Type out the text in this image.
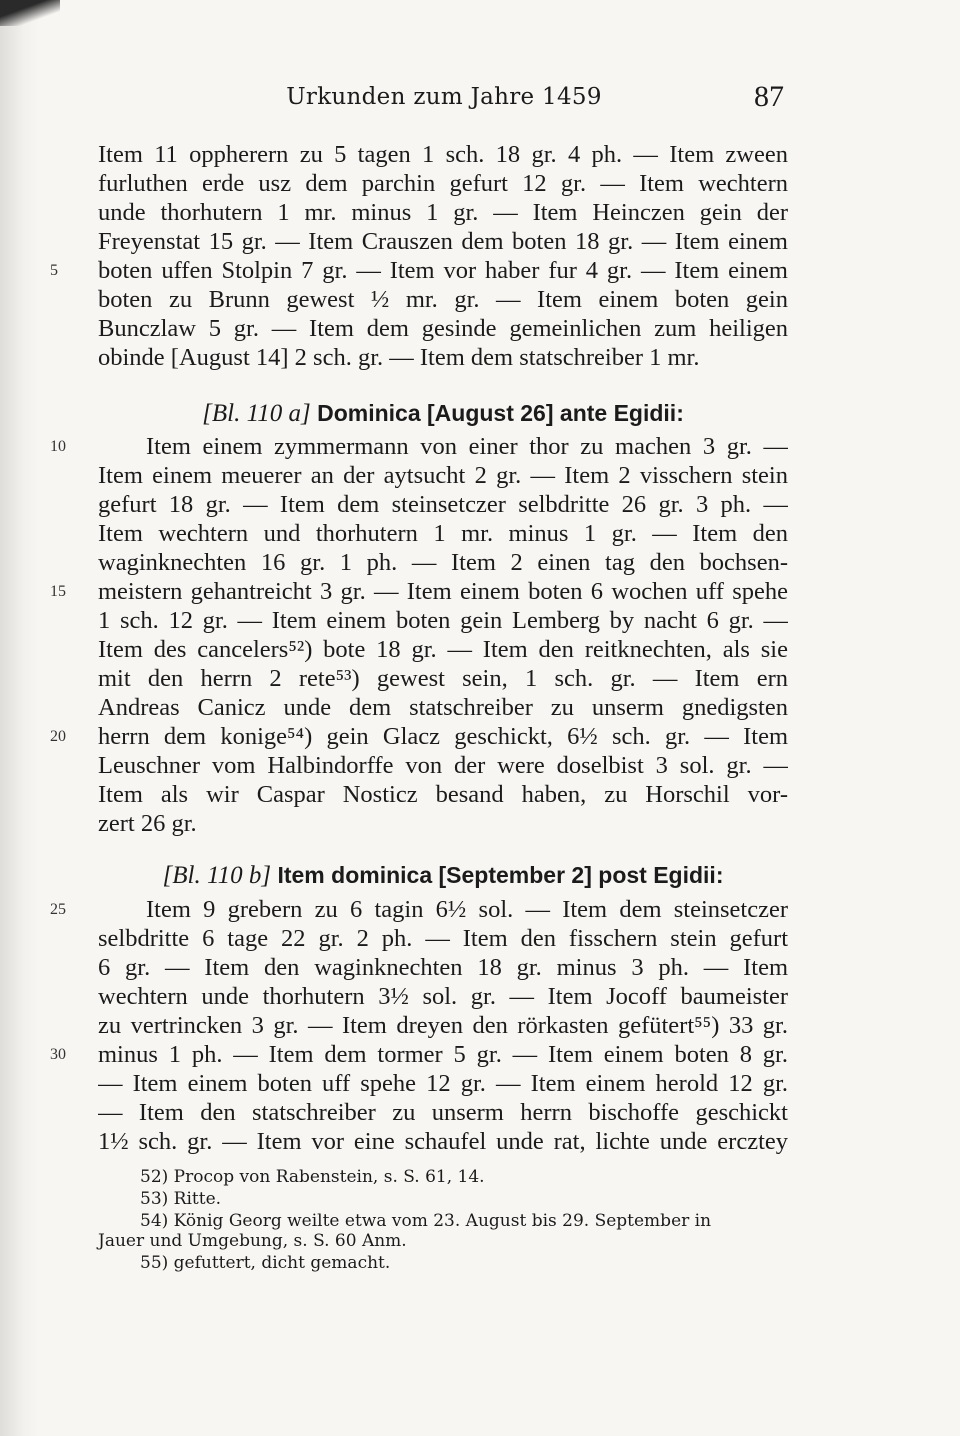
Urkunden zum Jahre 1459	87
Item 11 oppherern zu 5 tagen 1 sch. 18 gr. 4 ph. — Item zween
furluthen erde usz dem parchin gefurt 12 gr. — Item wechtern
unde thorhutern 1 mr. minus 1 gr. — Item Heinczen gein der
Freyenstat 15 gr. — Item Crauszen dem boten 18 gr. — Item einem
boten uffen Stolpin 7 gr. — Item vor haber fur 4 gr. — Item einem
5
boten zu Brunn gewest ½ mr. gr. — Item einem boten gein
Bunczlaw 5 gr. — Item dem gesinde gemeinlichen zum heiligen
obinde [August 14] 2 sch. gr. — Item dem statschreiber 1 mr.
[Bl. 110 a] Dominica [August 26] ante Egidii:
Item einem zymmermann von einer thor zu machen 3 gr. —
10
Item einem meuerer an der aytsucht 2 gr. — Item 2 visschern stein
gefurt 18 gr. — Item dem steinsetczer selbdritte 26 gr. 3 ph. —
Item wechtern und thorhutern 1 mr. minus 1 gr. — Item den
waginknechten 16 gr. 1 ph. — Item 2 einen tag den bochsen-
meistern gehantreicht 3 gr. — Item einem boten 6 wochen uff spehe
15
1 sch. 12 gr. — Item einem boten gein Lemberg by nacht 6 gr. —
Item des cancelers⁵²) bote 18 gr. — Item den reitknechten, als sie
mit den herrn 2 rete⁵³) gewest sein, 1 sch. gr. — Item ern
Andreas Canicz unde dem statschreiber zu unserm gnedigsten
herrn dem konige⁵⁴) gein Glacz geschickt, 6½ sch. gr. — Item
20
Leuschner vom Halbindorffe von der were doselbist 3 sol. gr. —
Item als wir Caspar Nosticz besand haben, zu Horschil vor-
zert 26 gr.
[Bl. 110 b] Item dominica [September 2] post Egidii:
Item 9 grebern zu 6 tagin 6½ sol. — Item dem steinsetczer
25
selbdritte 6 tage 22 gr. 2 ph. — Item den fisschern stein gefurt
6 gr. — Item den waginknechten 18 gr. minus 3 ph. — Item
wechtern unde thorhutern 3½ sol. gr. — Item Jocoff baumeister
zu vertrincken 3 gr. — Item dreyen den rörkasten gefütert⁵⁵) 33 gr.
minus 1 ph. — Item dem tormer 5 gr. — Item einem boten 8 gr.
30
— Item einem boten uff spehe 12 gr. — Item einem herold 12 gr.
— Item den statschreiber zu unserm herrn bischoffe geschickt
1½ sch. gr. — Item vor eine schaufel unde rat, lichte unde ercztey
52) Procop von Rabenstein, s. S. 61, 14.
53) Ritte.
54) König Georg weilte etwa vom 23. August bis 29. September in
Jauer und Umgebung, s. S. 60 Anm.
55) gefuttert, dicht gemacht.
